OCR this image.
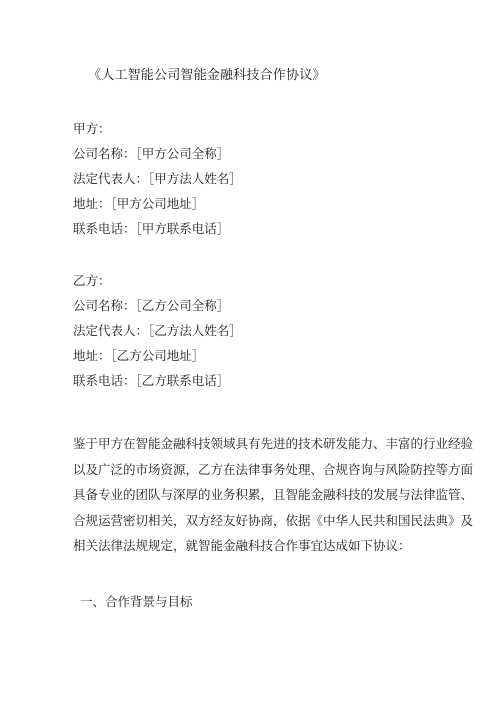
《人工智能公司智能金融科技合作协议》
甲方：
公司名称：［甲方公司全称］
法定代表人：［甲方法人姓名］
地址：［甲方公司地址］
联系电话：［甲方联系电话］
乙方：
公司名称：［乙方公司全称］
法定代表人：［乙方法人姓名］
地址：［乙方公司地址］
联系电话：［乙方联系电话］
鉴于甲方在智能金融科技领域具有先进的技术研发能力、丰富的行业经验
以及广泛的市场资源，乙方在法律事务处理、合规咨询与风险防控等方面
具备专业的团队与深厚的业务积累，且智能金融科技的发展与法律监管、
合规运营密切相关，双方经友好协商，依据《中华人民共和国民法典》及
相关法律法规规定，就智能金融科技合作事宜达成如下协议：
一、合作背景与目标
